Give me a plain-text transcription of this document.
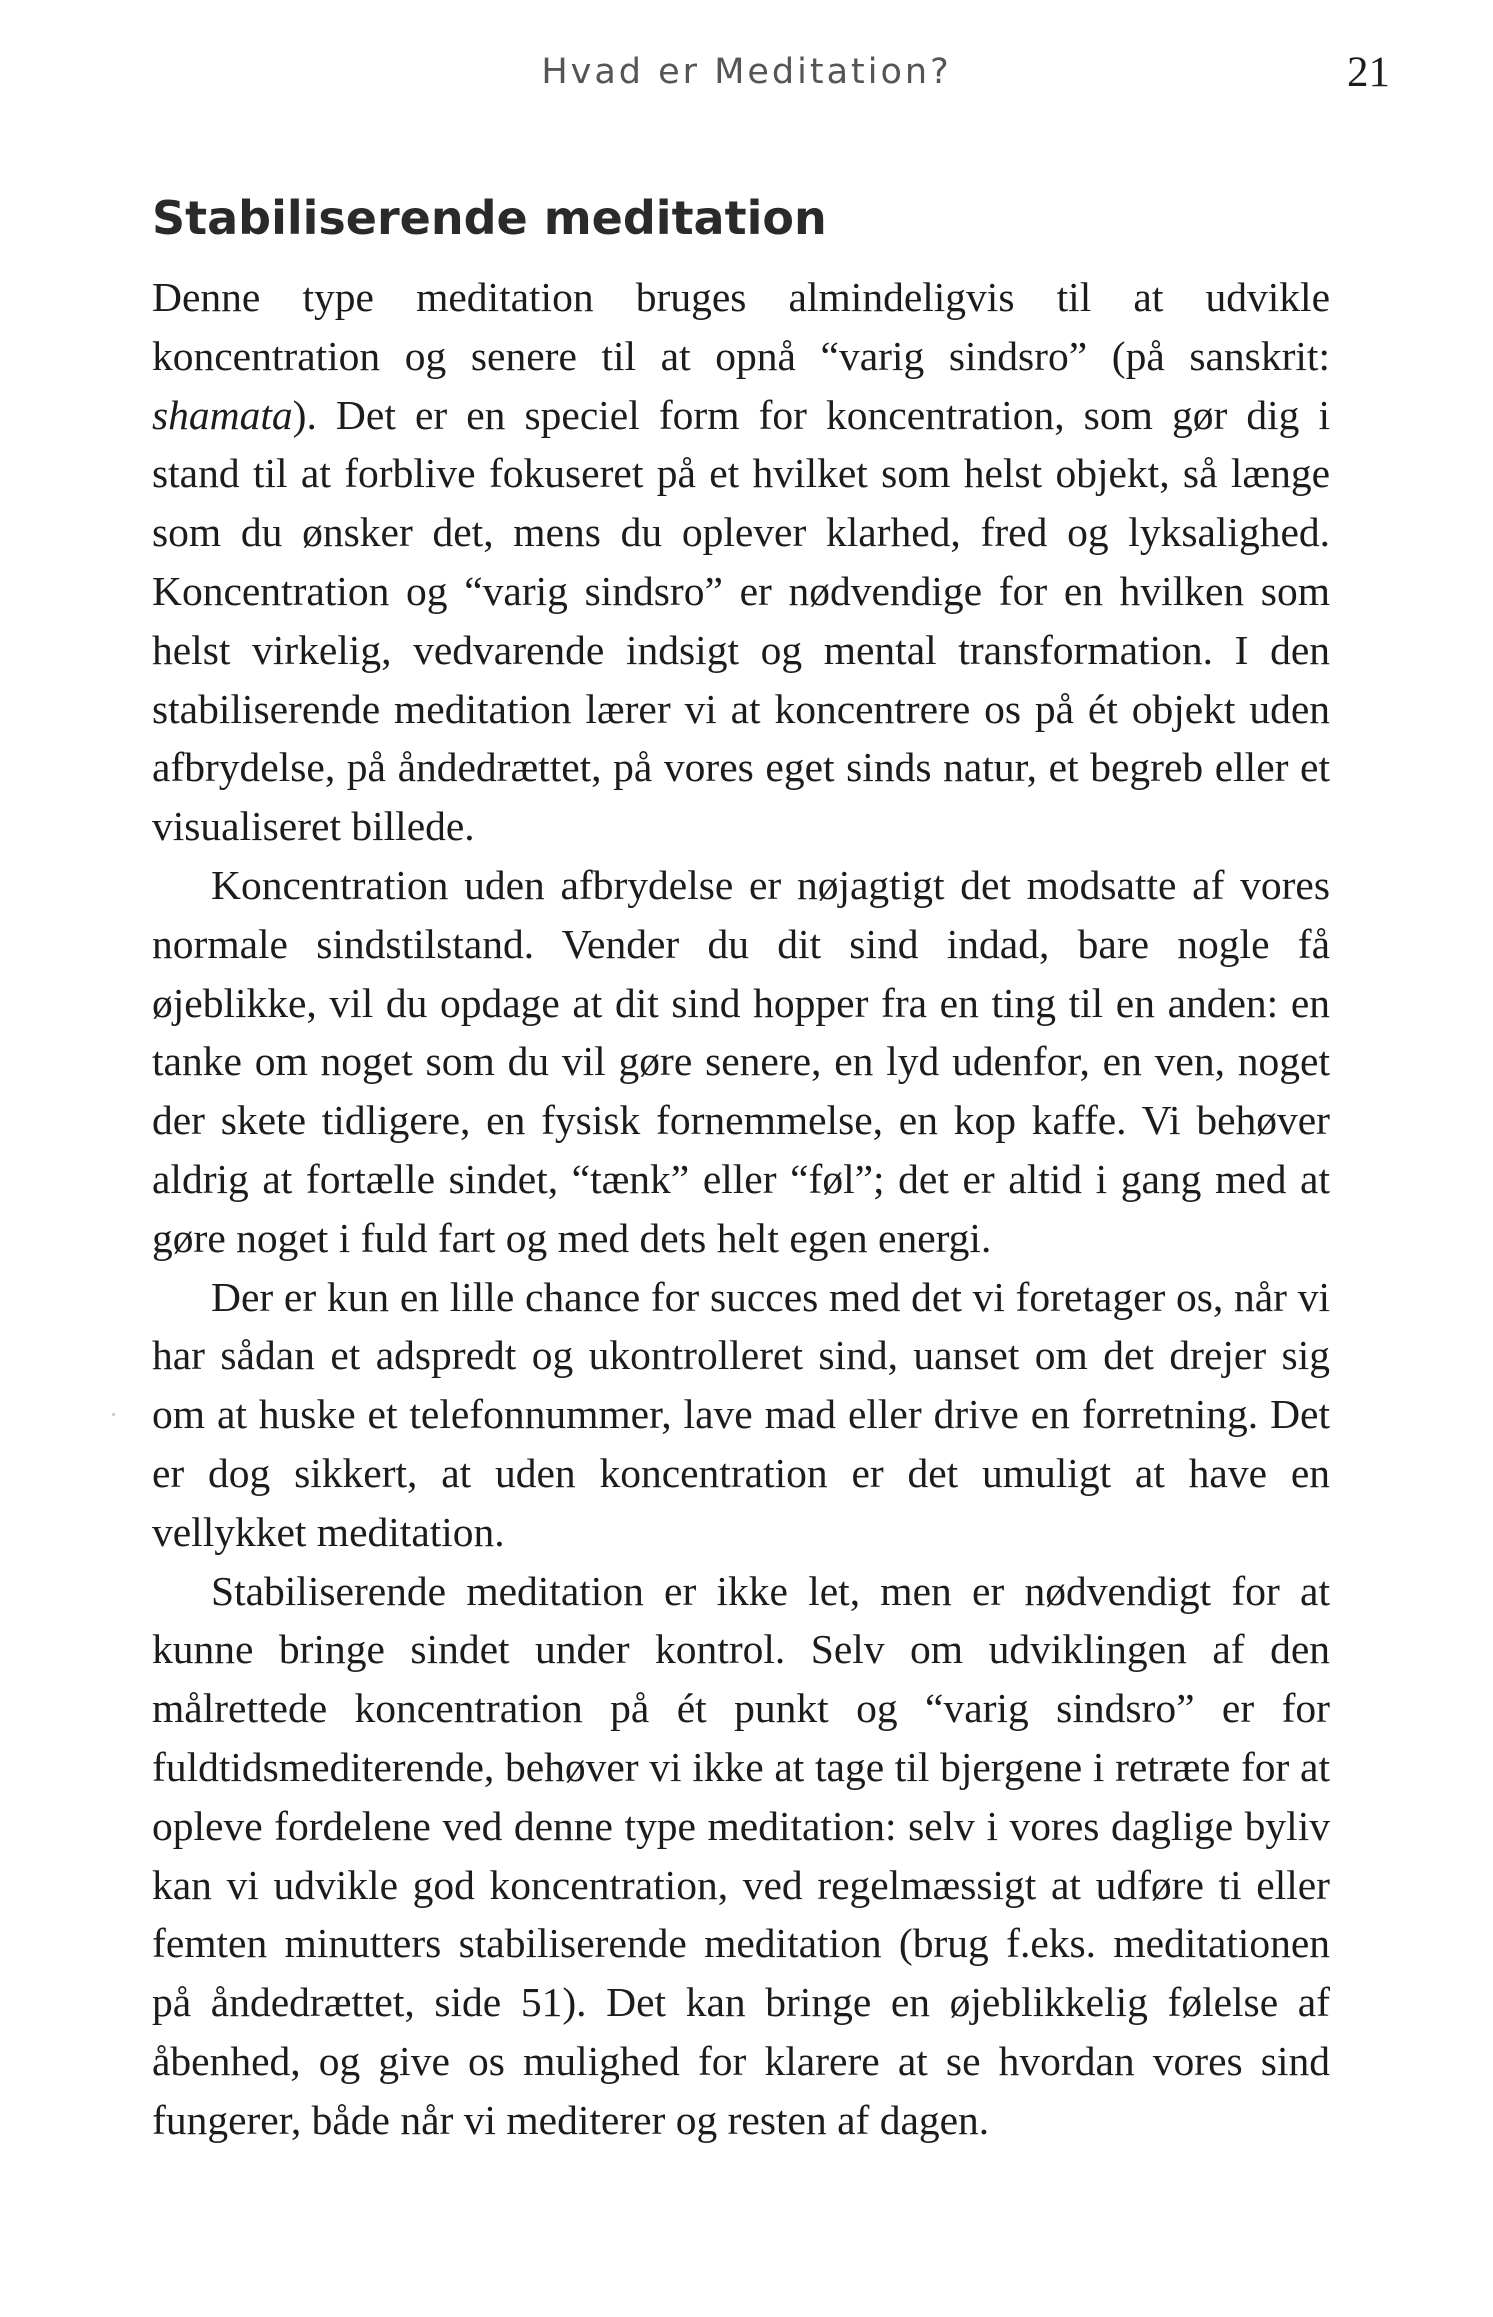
Hvad er Meditation?	21
Stabiliserende meditation

Denne type meditation bruges almindeligvis til at udvikle koncentration og senere til at opnå “varig sindsro” (på sanskrit: shamata). Det er en speciel form for koncentration, som gør dig i stand til at forblive fokuseret på et hvilket som helst objekt, så længe som du ønsker det, mens du oplever klarhed, fred og lyksalighed. Koncentration og “varig sindsro” er nødvendige for en hvilken som helst virkelig, vedvarende indsigt og mental transformation. I den stabiliserende meditation lærer vi at koncentrere os på ét objekt uden afbrydelse, på åndedrættet, på vores eget sinds natur, et begreb eller et visualiseret billede.

Koncentration uden afbrydelse er nøjagtigt det modsatte af vores normale sindstilstand. Vender du dit sind indad, bare nogle få øjeblikke, vil du opdage at dit sind hopper fra en ting til en anden: en tanke om noget som du vil gøre senere, en lyd udenfor, en ven, noget der skete tidligere, en fysisk fornemmelse, en kop kaffe. Vi behøver aldrig at fortælle sindet, “tænk” eller “føl”; det er altid i gang med at gøre noget i fuld fart og med dets helt egen energi.

Der er kun en lille chance for succes med det vi foretager os, når vi har sådan et adspredt og ukontrolleret sind, uanset om det drejer sig om at huske et telefonnummer, lave mad eller drive en forretning. Det er dog sikkert, at uden koncentration er det umuligt at have en vellykket meditation.

Stabiliserende meditation er ikke let, men er nødvendigt for at kunne bringe sindet under kontrol. Selv om udviklingen af den målrettede koncentration på ét punkt og “varig sindsro” er for fuldtidsmediterende, behøver vi ikke at tage til bjergene i retræte for at opleve fordelene ved denne type meditation: selv i vores daglige byliv kan vi udvikle god koncentration, ved regelmæssigt at udføre ti eller femten minutters stabiliserende meditation (brug f.eks. meditationen på åndedrættet, side 51). Det kan bringe en øjeblikkelig følelse af åbenhed, og give os mulighed for klarere at se hvordan vores sind fungerer, både når vi mediterer og resten af dagen.
